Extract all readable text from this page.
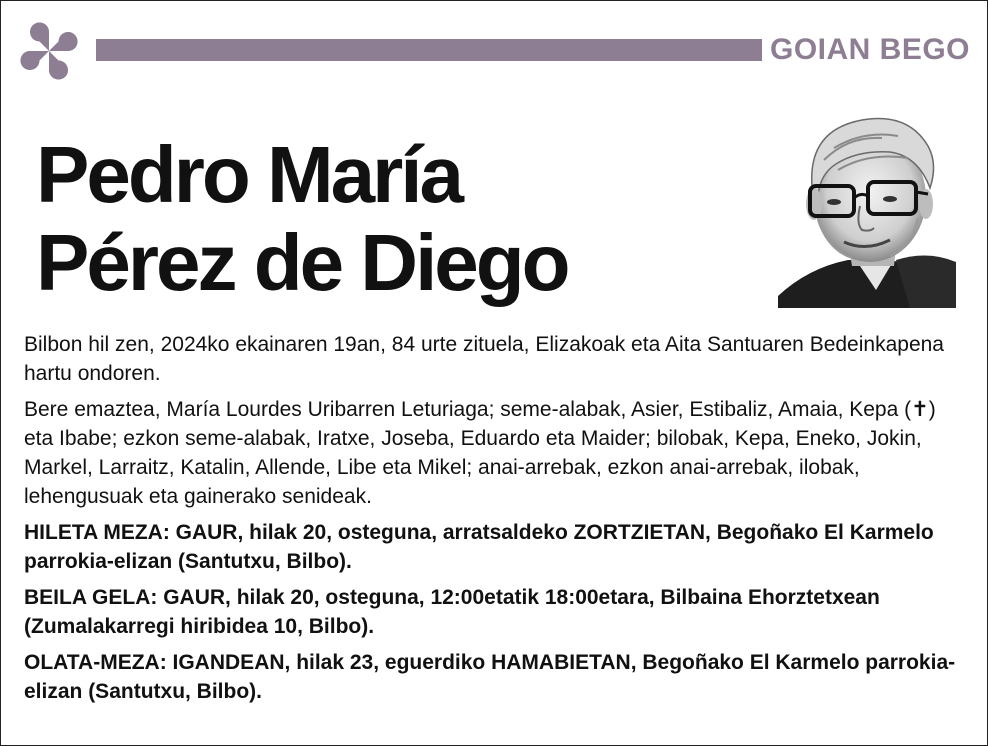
GOIAN BEGO
Pedro María
Pérez de Diego

Bilbon hil zen, 2024ko ekainaren 19an, 84 urte zituela, Elizakoak eta Aita Santuaren Bedeinkapena hartu ondoren.

Bere emaztea, María Lourdes Uribarren Leturiaga; seme-alabak, Asier, Estibaliz, Amaia, Kepa (✝) eta Ibabe; ezkon seme-alabak, Iratxe, Joseba, Eduardo eta Maider; bilobak, Kepa, Eneko, Jokin, Markel, Larraitz, Katalin, Allende, Libe eta Mikel; anai-arrebak, ezkon anai-arrebak, ilobak, lehengusuak eta gainerako senideak.

HILETA MEZA: GAUR, hilak 20, osteguna, arratsaldeko ZORTZIETAN, Begoñako El Karmelo parrokia-elizan (Santutxu, Bilbo).

BEILA GELA: GAUR, hilak 20, osteguna, 12:00etatik 18:00etara, Bilbaina Ehorztetxean (Zumalakarregi hiribidea 10, Bilbo).

OLATA-MEZA: IGANDEAN, hilak 23, eguerdiko HAMABIETAN, Begoñako El Karmelo parrokia-elizan (Santutxu, Bilbo).
